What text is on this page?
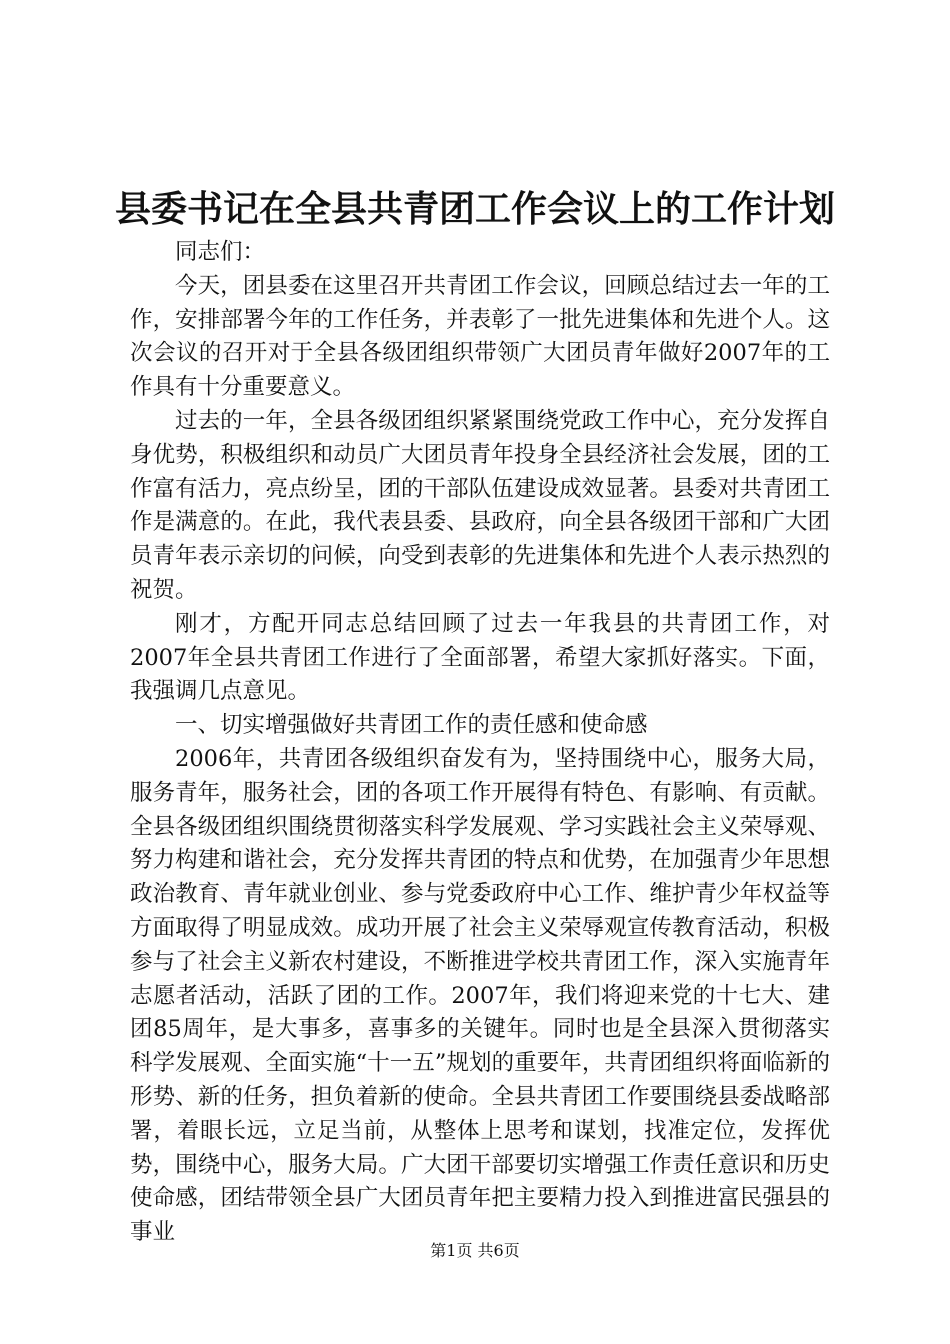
县委书记在全县共青团工作会议上的工作计划

同志们：

今天，团县委在这里召开共青团工作会议，回顾总结过去一年的工作，安排部署今年的工作任务，并表彰了一批先进集体和先进个人。这次会议的召开对于全县各级团组织带领广大团员青年做好2007年的工作具有十分重要意义。

过去的一年，全县各级团组织紧紧围绕党政工作中心，充分发挥自身优势，积极组织和动员广大团员青年投身全县经济社会发展，团的工作富有活力，亮点纷呈，团的干部队伍建设成效显著。县委对共青团工作是满意的。在此，我代表县委、县政府，向全县各级团干部和广大团员青年表示亲切的问候，向受到表彰的先进集体和先进个人表示热烈的祝贺。

刚才，方配开同志总结回顾了过去一年我县的共青团工作，对2007年全县共青团工作进行了全面部署，希望大家抓好落实。下面，我强调几点意见。

一、切实增强做好共青团工作的责任感和使命感

2006年，共青团各级组织奋发有为，坚持围绕中心，服务大局，服务青年，服务社会，团的各项工作开展得有特色、有影响、有贡献。全县各级团组织围绕贯彻落实科学发展观、学习实践社会主义荣辱观、努力构建和谐社会，充分发挥共青团的特点和优势，在加强青少年思想政治教育、青年就业创业、参与党委政府中心工作、维护青少年权益等方面取得了明显成效。成功开展了社会主义荣辱观宣传教育活动，积极参与了社会主义新农村建设，不断推进学校共青团工作，深入实施青年志愿者活动，活跃了团的工作。2007年，我们将迎来党的十七大、建团85周年，是大事多，喜事多的关键年。同时也是全县深入贯彻落实科学发展观、全面实施“十一五”规划的重要年，共青团组织将面临新的形势、新的任务，担负着新的使命。全县共青团工作要围绕县委战略部署，着眼长远，立足当前，从整体上思考和谋划，找准定位，发挥优势，围绕中心，服务大局。广大团干部要切实增强工作责任意识和历史使命感，团结带领全县广大团员青年把主要精力投入到推进富民强县的事业

第1页 共6页
